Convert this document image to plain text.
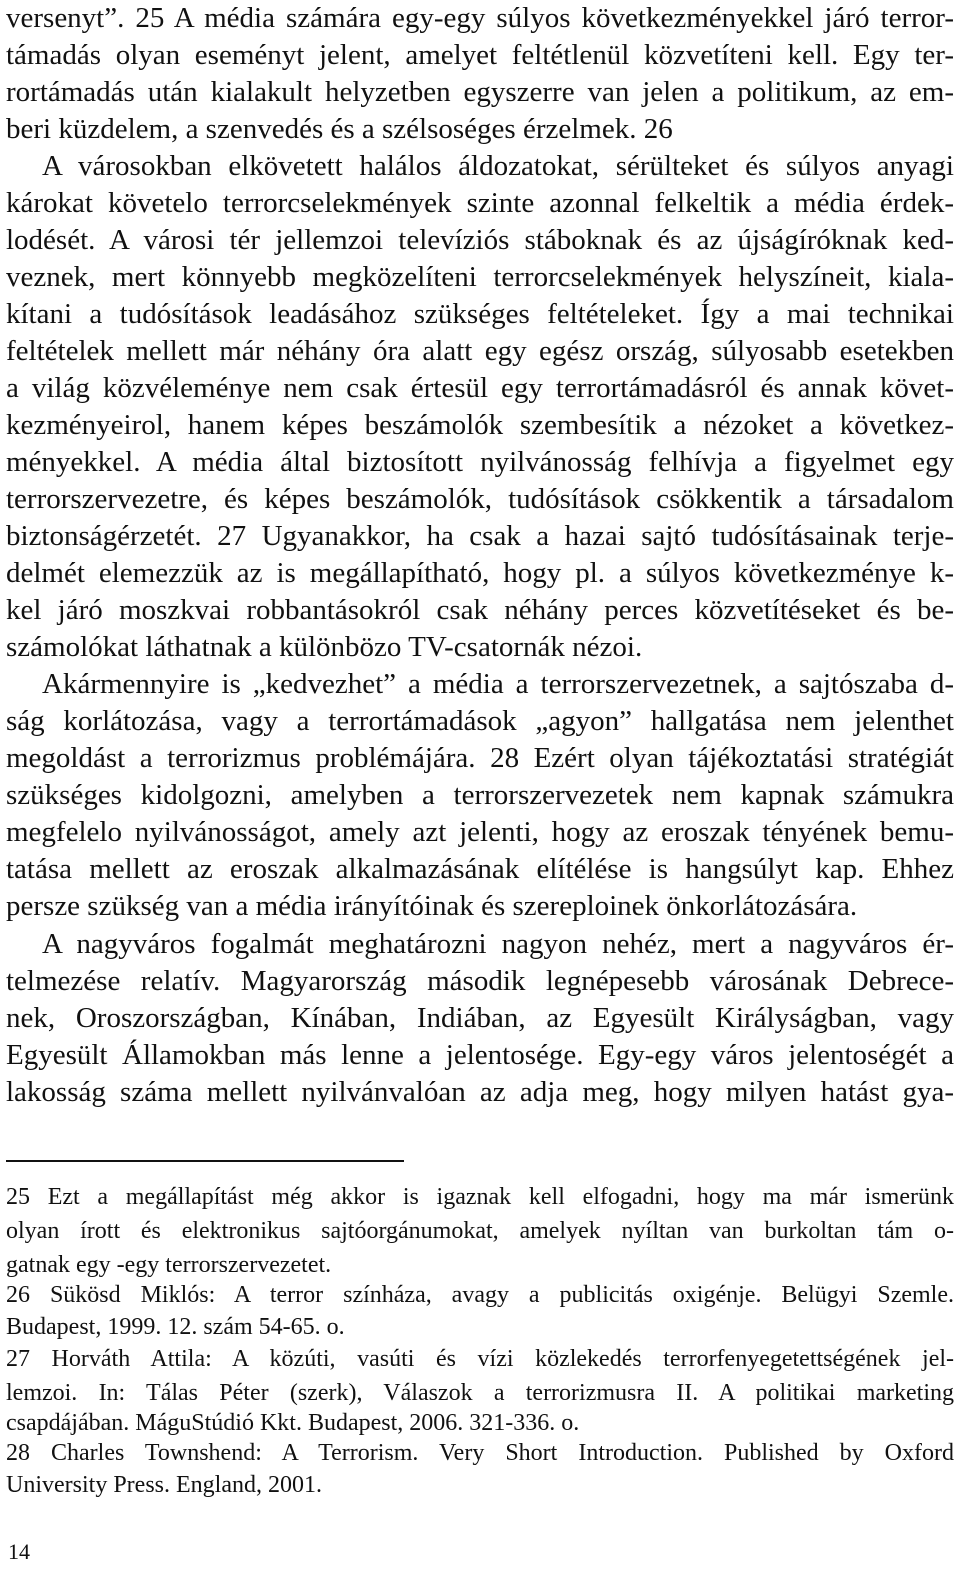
versenyt”. 25 A média számára egy-egy súlyos következményekkel járó terror-
támadás olyan eseményt jelent, amelyet feltétlenül közvetíteni kell. Egy ter-
rortámadás után kialakult helyzetben egyszerre van jelen a politikum, az em-
beri küzdelem, a szenvedés és a szélsoséges érzelmek. 26
A városokban elkövetett halálos áldozatokat, sérülteket és súlyos anyagi
károkat követelo terrorcselekmények szinte azonnal felkeltik a média érdek-
lodését. A városi tér jellemzoi televíziós stáboknak és az újságíróknak ked-
veznek, mert könnyebb megközelíteni terrorcselekmények helyszíneit, kiala-
kítani a tudósítások leadásához szükséges feltételeket. Így a mai technikai
feltételek mellett már néhány óra alatt egy egész ország, súlyosabb esetekben
a világ közvéleménye nem csak értesül egy terrortámadásról és annak követ-
kezményeirol, hanem képes beszámolók szembesítik a nézoket a következ-
ményekkel. A média által biztosított nyilvánosság felhívja a figyelmet egy
terrorszervezetre, és képes beszámolók, tudósítások csökkentik a társadalom
biztonságérzetét. 27 Ugyanakkor, ha csak a hazai sajtó tudósításainak terje-
delmét elemezzük az is megállapítható, hogy pl. a súlyos következménye k-
kel járó moszkvai robbantásokról csak néhány perces közvetítéseket és be-
számolókat láthatnak a különbözo TV-csatornák nézoi.
Akármennyire is „kedvezhet” a média a terrorszervezetnek, a sajtószaba d-
ság korlátozása, vagy a terrortámadások „agyon” hallgatása nem jelenthet
megoldást a terrorizmus problémájára. 28 Ezért olyan tájékoztatási stratégiát
szükséges kidolgozni, amelyben a terrorszervezetek nem kapnak számukra
megfelelo nyilvánosságot, amely azt jelenti, hogy az eroszak tényének bemu-
tatása mellett az eroszak alkalmazásának elítélése is hangsúlyt kap. Ehhez
persze szükség van a média irányítóinak és szereploinek önkorlátozására.
A nagyváros fogalmát meghatározni nagyon nehéz, mert a nagyváros ér-
telmezése relatív. Magyarország második legnépesebb városának Debrece-
nek, Oroszországban, Kínában, Indiában, az Egyesült Királyságban, vagy
Egyesült Államokban más lenne a jelentosége. Egy-egy város jelentoségét a
lakosság száma mellett nyilvánvalóan az adja meg, hogy milyen hatást gya-
25 Ezt a megállapítást még akkor is igaznak kell elfogadni, hogy ma már ismerünk
olyan írott és elektronikus sajtóorgánumokat, amelyek nyíltan van burkoltan tám o-
gatnak egy -egy terrorszervezetet.
26 Sükösd Miklós: A terror színháza, avagy a publicitás oxigénje. Belügyi Szemle.
Budapest, 1999. 12. szám 54-65. o.
27 Horváth Attila: A közúti, vasúti és vízi közlekedés terrorfenyegetettségének jel-
lemzoi. In: Tálas Péter (szerk), Válaszok a terrorizmusra II. A politikai marketing
csapdájában. MáguStúdió Kkt. Budapest, 2006. 321-336. o.
28 Charles Townshend: A Terrorism. Very Short Introduction. Published by Oxford
University Press. England, 2001.
14
